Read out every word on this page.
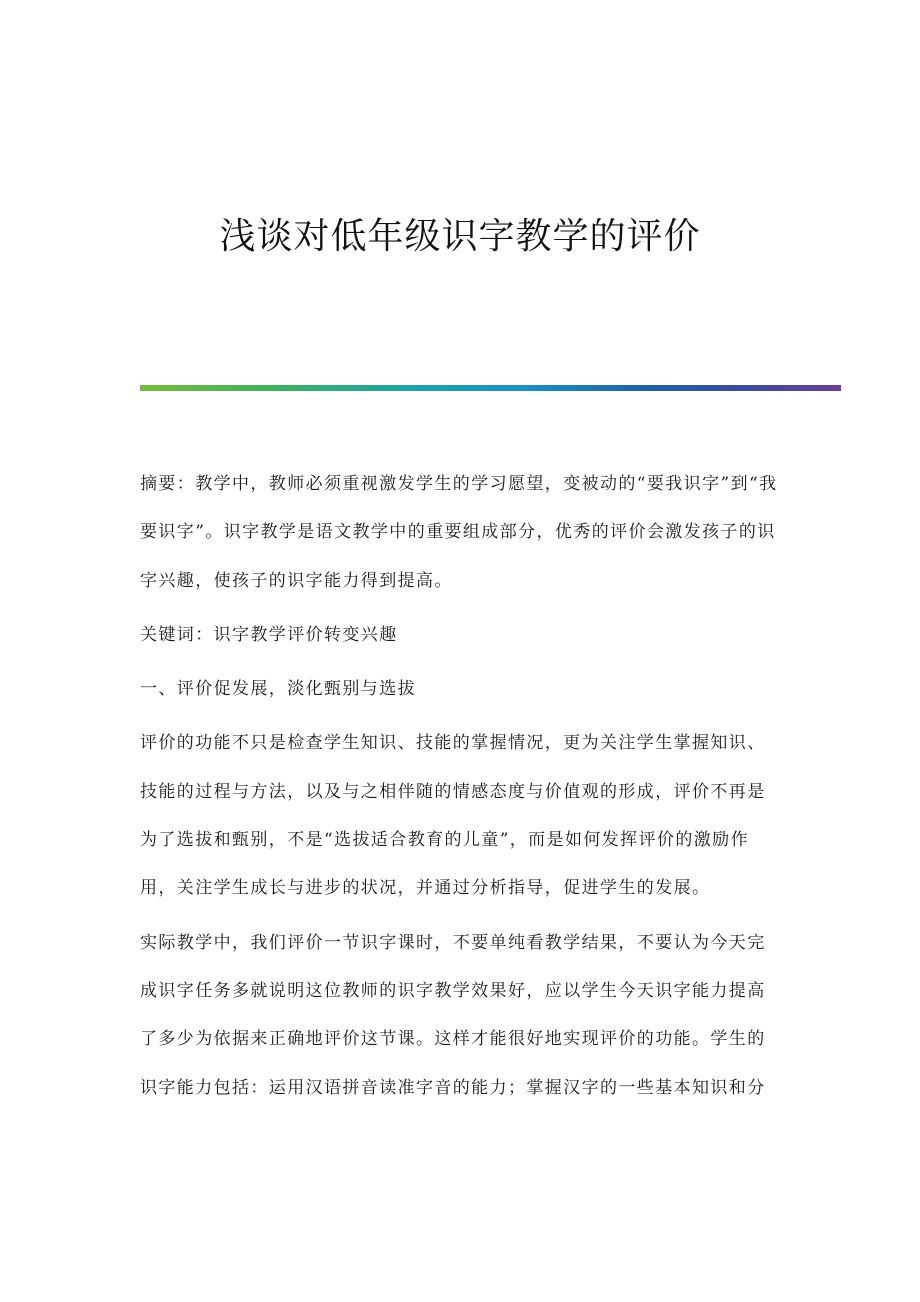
浅谈对低年级识字教学的评价

摘要：教学中，教师必须重视激发学生的学习愿望，变被动的“要我识字”到“我要识字”。识字教学是语文教学中的重要组成部分，优秀的评价会激发孩子的识字兴趣，使孩子的识字能力得到提高。

关键词：识字教学评价转变兴趣

一、评价促发展，淡化甄别与选拔

评价的功能不只是检查学生知识、技能的掌握情况，更为关注学生掌握知识、技能的过程与方法，以及与之相伴随的情感态度与价值观的形成，评价不再是为了选拔和甄别，不是“选拔适合教育的儿童”，而是如何发挥评价的激励作用，关注学生成长与进步的状况，并通过分析指导，促进学生的发展。

实际教学中，我们评价一节识字课时，不要单纯看教学结果，不要认为今天完成识字任务多就说明这位教师的识字教学效果好，应以学生今天识字能力提高了多少为依据来正确地评价这节课。这样才能很好地实现评价的功能。学生的识字能力包括：运用汉语拼音读准字音的能力；掌握汉字的一些基本知识和分
